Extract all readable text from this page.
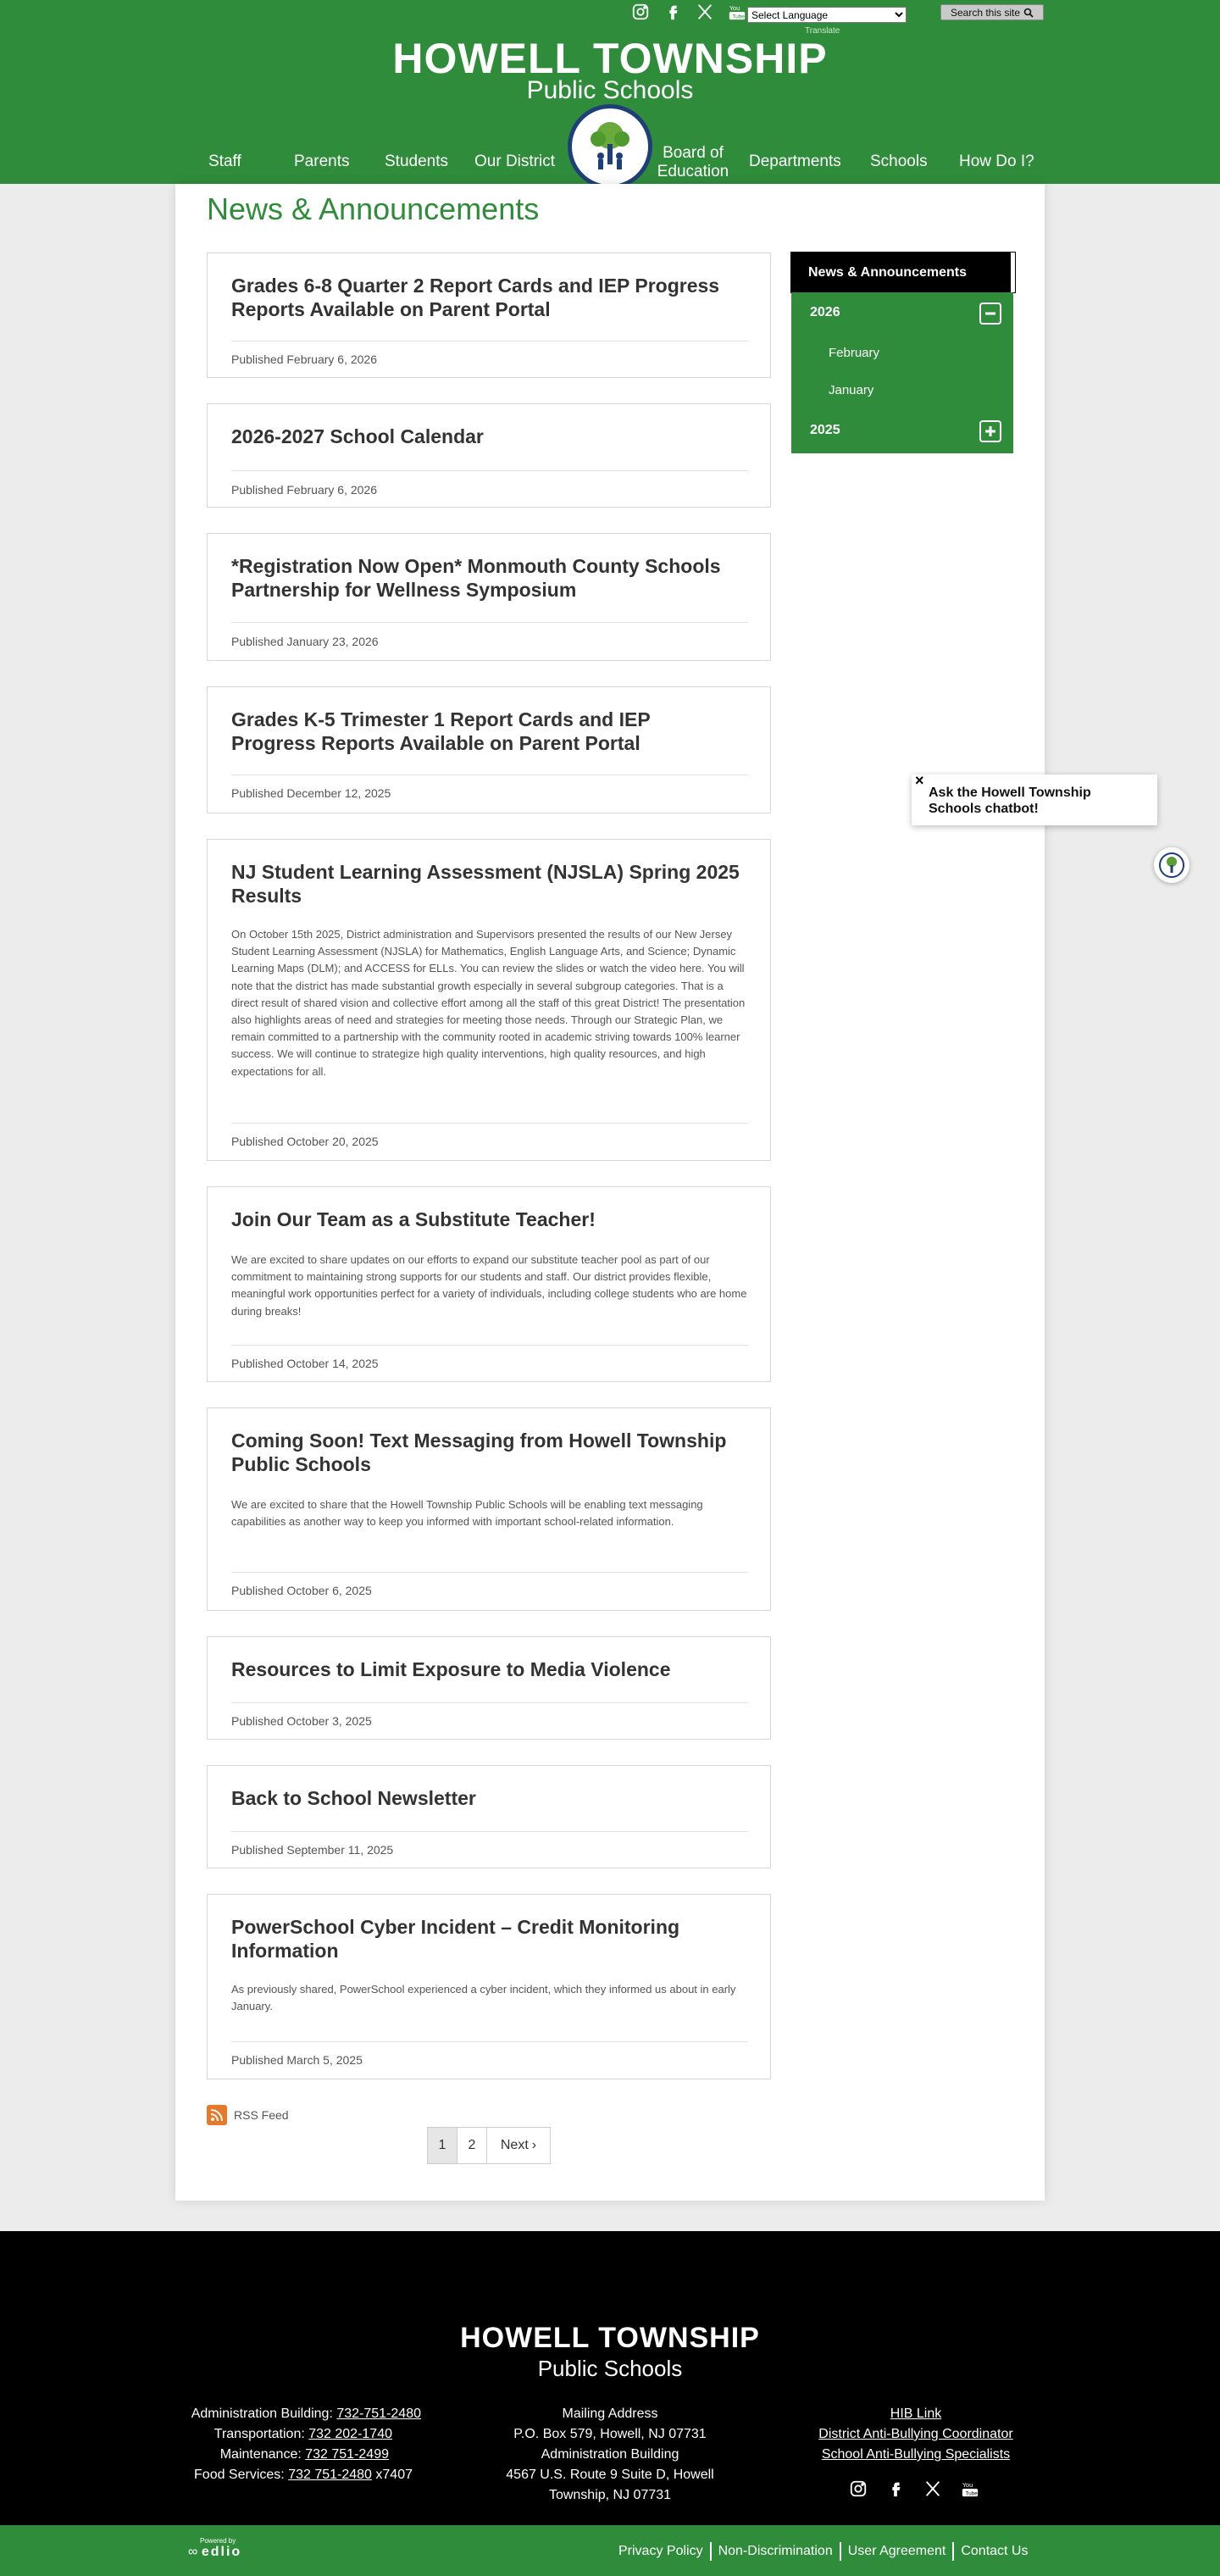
You
Tube
Select Language
Translate
Search this site
HOWELL TOWNSHIP
Public Schools
Staff	Parents Students Our District	Board of Education
Departments Schools How Do I?
News & Announcements
Grades 6-8 Quarter 2 Report Cards and IEP Progress Reports Available on Parent Portal
Published February 6, 2026
2026-2027 School Calendar
Published February 6, 2026
*Registration Now Open* Monmouth County Schools Partnership for Wellness Symposium
Published January 23, 2026
Grades K-5 Trimester 1 Report Cards and IEP Progress Reports Available on Parent Portal
Published December 12, 2025
NJ Student Learning Assessment (NJSLA) Spring 2025 Results
On October 15th 2025, District administration and Supervisors presented the results of our New Jersey Student Learning Assessment (NJSLA) for Mathematics, English Language Arts, and Science; Dynamic Learning Maps (DLM); and ACCESS for ELLs. You can review the slides or watch the video here. You will note that the district has made substantial growth especially in several subgroup categories. That is a direct result of shared vision and collective effort among all the staff of this great District! The presentation also highlights areas of need and strategies for meeting those needs. Through our Strategic Plan, we remain committed to a partnership with the community rooted in academic striving towards 100% learner success. We will continue to strategize high quality interventions, high quality resources, and high expectations for all.
Published October 20, 2025
Join Our Team as a Substitute Teacher!
We are excited to share updates on our efforts to expand our substitute teacher pool as part of our commitment to maintaining strong supports for our students and staff. Our district provides flexible, meaningful work opportunities perfect for a variety of individuals, including college students who are home during breaks!
Published October 14, 2025
Coming Soon! Text Messaging from Howell Township Public Schools
We are excited to share that the Howell Township Public Schools will be enabling text messaging capabilities as another way to keep you informed with important school-related information.
Published October 6, 2025
Resources to Limit Exposure to Media Violence
Published October 3, 2025
Back to School Newsletter
Published September 11, 2025
PowerSchool Cyber Incident – Credit Monitoring Information
As previously shared, PowerSchool experienced a cyber incident, which they informed us about in early January.
Published March 5, 2025
News & Announcements
2026
February
January
2025
×
Ask the Howell Township Schools chatbot!
RSS Feed
1	2	Next ›
HOWELL TOWNSHIP
Public Schools
Administration Building: 732-751-2480
Transportation: 732 202-1740
Maintenance: 732 751-2499
Food Services: 732 751-2480 x7407
Mailing Address
P.O. Box 579, Howell, NJ 07731
Administration Building
4567 U.S. Route 9 Suite D, Howell
Township, NJ 07731
HIB Link
District Anti-Bullying Coordinator
School Anti-Bullying Specialists
You
Tube
Powered by
∞ edlio	Privacy Policy Non-Discrimination User Agreement Contact Us
